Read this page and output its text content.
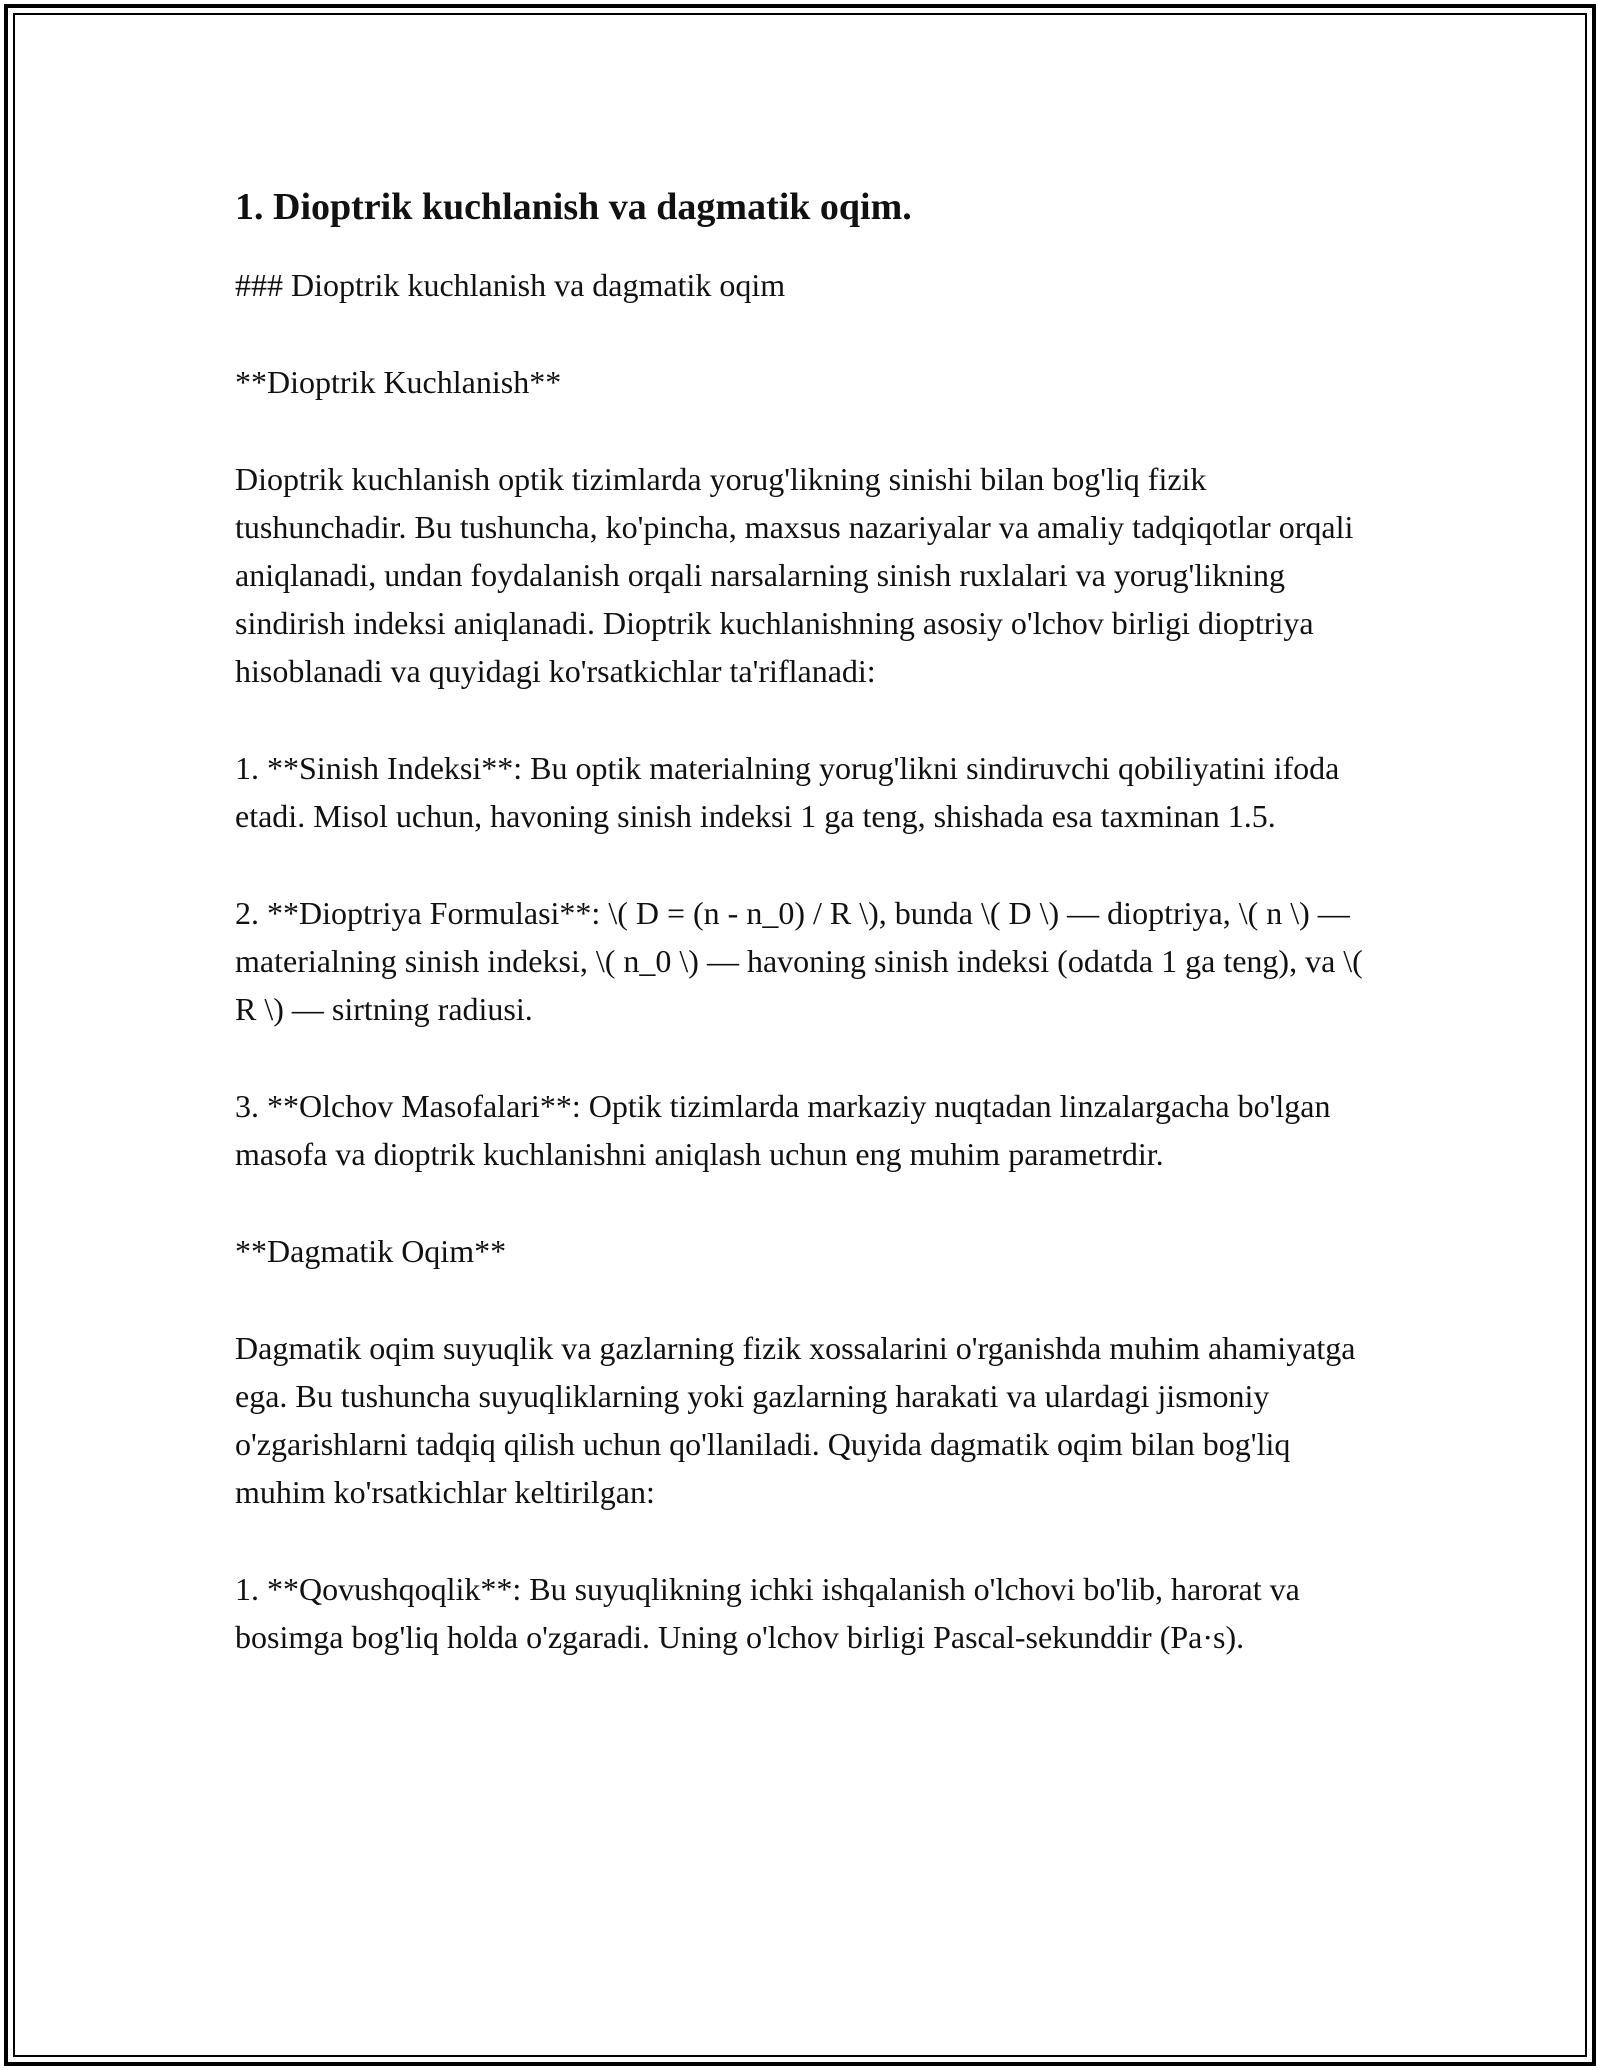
1. Dioptrik kuchlanish va dagmatik oqim.

### Dioptrik kuchlanish va dagmatik oqim

**Dioptrik Kuchlanish**

Dioptrik kuchlanish optik tizimlarda yorug'likning sinishi bilan bog'liq fizik tushunchadir. Bu tushuncha, ko'pincha, maxsus nazariyalar va amaliy tadqiqotlar orqali aniqlanadi, undan foydalanish orqali narsalarning sinish ruxlalari va yorug'likning sindirish indeksi aniqlanadi. Dioptrik kuchlanishning asosiy o'lchov birligi dioptriya hisoblanadi va quyidagi ko'rsatkichlar ta'riflanadi:

1. **Sinish Indeksi**: Bu optik materialning yorug'likni sindiruvchi qobiliyatini ifoda etadi. Misol uchun, havoning sinish indeksi 1 ga teng, shishada esa taxminan 1.5.

2. **Dioptriya Formulasi**: \( D = (n - n_0) / R \), bunda \( D \) — dioptriya, \( n \) — materialning sinish indeksi, \( n_0 \) — havoning sinish indeksi (odatda 1 ga teng), va \( R \) — sirtning radiusi.

3. **Olchov Masofalari**: Optik tizimlarda markaziy nuqtadan linzalargacha bo'lgan masofa va dioptrik kuchlanishni aniqlash uchun eng muhim parametrdir.

**Dagmatik Oqim**

Dagmatik oqim suyuqlik va gazlarning fizik xossalarini o'rganishda muhim ahamiyatga ega. Bu tushuncha suyuqliklarning yoki gazlarning harakati va ulardagi jismoniy o'zgarishlarni tadqiq qilish uchun qo'llaniladi. Quyida dagmatik oqim bilan bog'liq muhim ko'rsatkichlar keltirilgan:

1. **Qovushqoqlik**: Bu suyuqlikning ichki ishqalanish o'lchovi bo'lib, harorat va bosimga bog'liq holda o'zgaradi. Uning o'lchov birligi Pascal-sekunddir (Pa·s).
